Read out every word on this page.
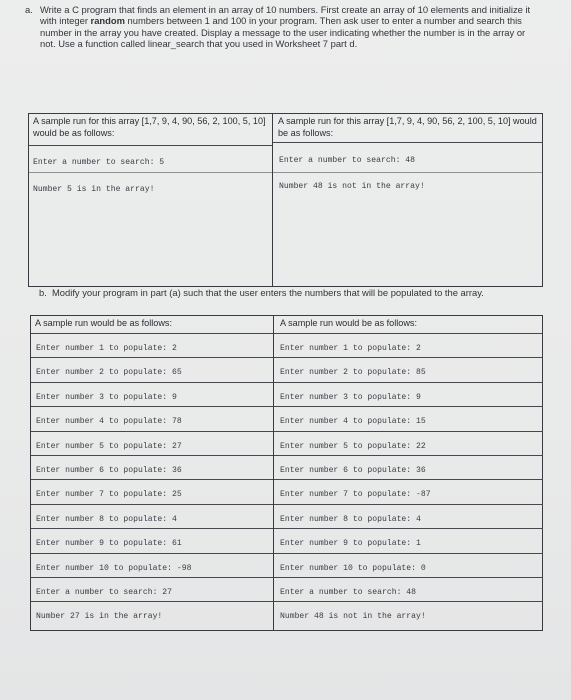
a. Write a C program that finds an element in an array of 10 numbers. First create an array of 10 elements and initialize it with integer random numbers between 1 and 100 in your program. Then ask user to enter a number and search this number in the array you have created. Display a message to the user indicating whether the number is in the array or not. Use a function called linear_search that you used in Worksheet 7 part d.
A sample run for this array [1,7, 9, 4, 90, 56, 2, 100, 5, 10] would be as follows:
A sample run for this array [1,7, 9, 4, 90, 56, 2, 100, 5, 10] would be as follows:
Enter a number to search: 5
Number 5 is in the array!
Enter a number to search: 48
Number 48 is not in the array!
b. Modify your program in part (a) such that the user enters the numbers that will be populated to the array.
A sample run would be as follows:	A sample run would be as follows:
Enter number 1 to populate: 2
Enter number 2 to populate: 65
Enter number 3 to populate: 9
Enter number 4 to populate: 78
Enter number 5 to populate: 27
Enter number 6 to populate: 36
Enter number 7 to populate: 25
Enter number 8 to populate: 4
Enter number 9 to populate: 61
Enter number 10 to populate: -98
Enter a number to search: 27
Number 27 is in the array!
Enter number 1 to populate: 2
Enter number 2 to populate: 85
Enter number 3 to populate: 9
Enter number 4 to populate: 15
Enter number 5 to populate: 22
Enter number 6 to populate: 36
Enter number 7 to populate: -87
Enter number 8 to populate: 4
Enter number 9 to populate: 1
Enter number 10 to populate: 0
Enter a number to search: 48
Number 48 is not in the array!
